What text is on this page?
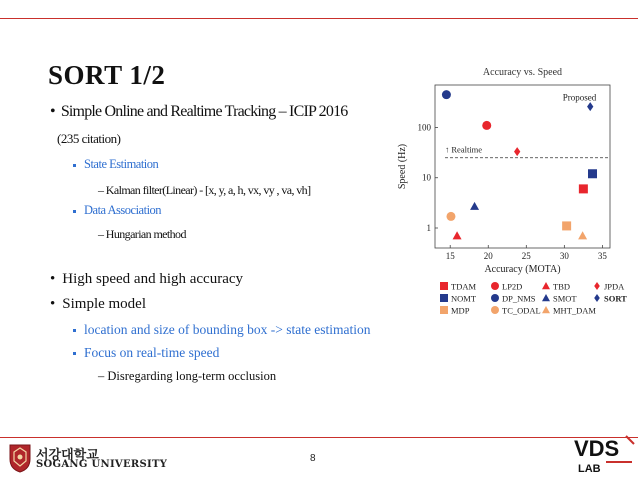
SORT 1/2
• Simple Online and Realtime Tracking – ICIP 2016
(235 citation)
State Estimation
– Kalman filter(Linear) - [x, y, a, h, vx, vy , va, vh]
Data Association
– Hungarian method
• High speed and high accuracy
• Simple model
location and size of bounding box -> state estimation
Focus on real-time speed
– Disregarding long-term occlusion
Accuracy vs. Speed
15	20	25	30	35
1
10
100
Accuracy (MOTA)
Speed (Hz)	↑ Realtime
Proposed
TDAM	LP2D	TBD	JPDA
NOMT	DP_NMS SMOT	SORT
MDP	TC_ODAL MHT_DAM
서강대학교
SOGANG UNIVERSITY
8	VDS
LAB
